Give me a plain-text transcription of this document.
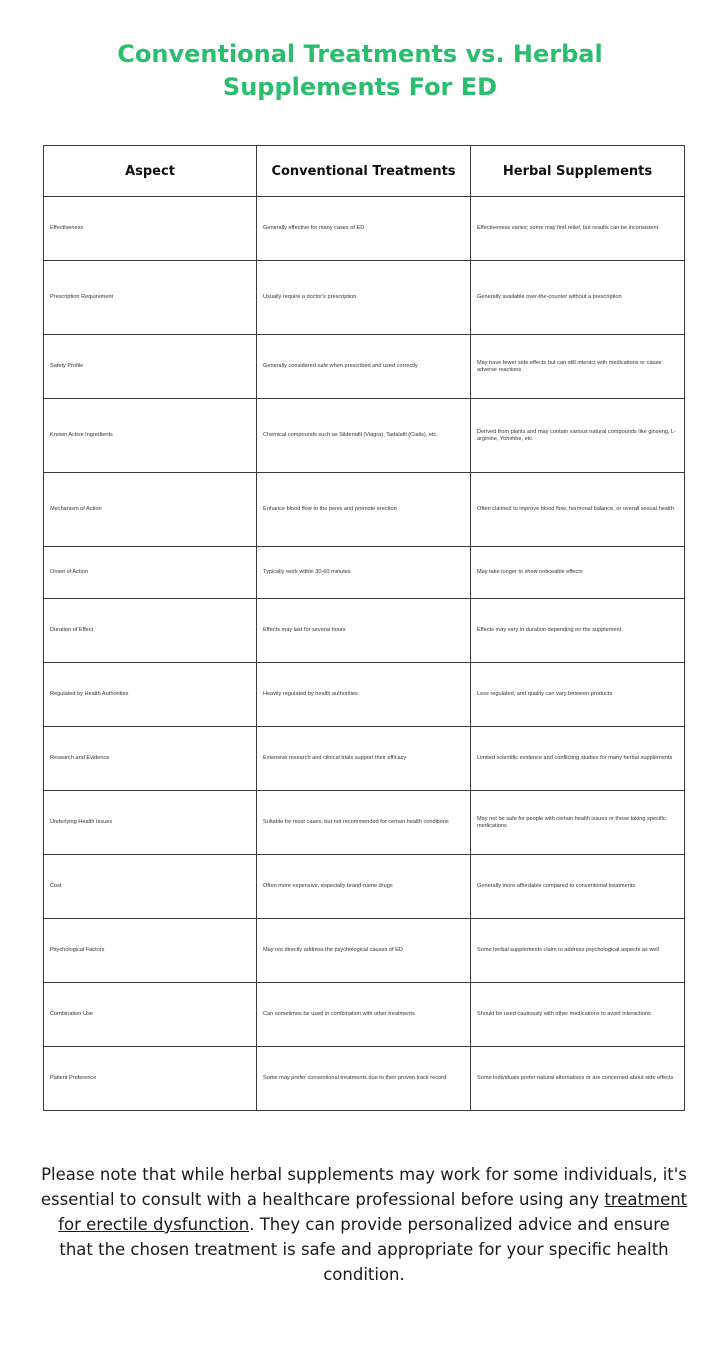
Conventional Treatments vs. Herbal Supplements For ED
Aspect	Conventional Treatments	Herbal Supplements
Effectiveness	Generally effective for many cases of ED	Effectiveness varies; some may find relief, but results can be inconsistent
Prescription Requirement	Usually require a doctor's prescription	Generally available over-the-counter without a prescription
Safety Profile	Generally considered safe when prescribed and used correctly	May have fewer side effects but can still interact with medications or cause adverse reactions
Known Active Ingredients	Chemical compounds such as Sildenafil (Viagra), Tadalafil (Cialis), etc.	Derived from plants and may contain various natural compounds like ginseng, L-arginine, Yohimbe, etc.
Mechanism of Action	Enhance blood flow to the penis and promote erection	Often claimed to improve blood flow, hormonal balance, or overall sexual health
Onset of Action	Typically work within 30-60 minutes	May take longer to show noticeable effects
Duration of Effect	Effects may last for several hours	Effects may vary in duration depending on the supplement
Regulated by Health Authorities	Heavily regulated by health authorities	Less regulated, and quality can vary between products
Research and Evidence	Extensive research and clinical trials support their efficacy	Limited scientific evidence and conflicting studies for many herbal supplements
Underlying Health Issues	Suitable for most cases, but not recommended for certain health conditions	May not be safe for people with certain health issues or those taking specific medications
Cost	Often more expensive, especially brand-name drugs	Generally more affordable compared to conventional treatments
Psychological Factors	May not directly address the psychological causes of ED	Some herbal supplements claim to address psychological aspects as well
Combination Use	Can sometimes be used in combination with other treatments	Should be used cautiously with other medications to avoid interactions
Patient Preference	Some may prefer conventional treatments due to their proven track record	Some individuals prefer natural alternatives or are concerned about side effects

Please note that while herbal supplements may work for some individuals, it's essential to consult with a healthcare professional before using any treatment for erectile dysfunction. They can provide personalized advice and ensure that the chosen treatment is safe and appropriate for your specific health condition.
